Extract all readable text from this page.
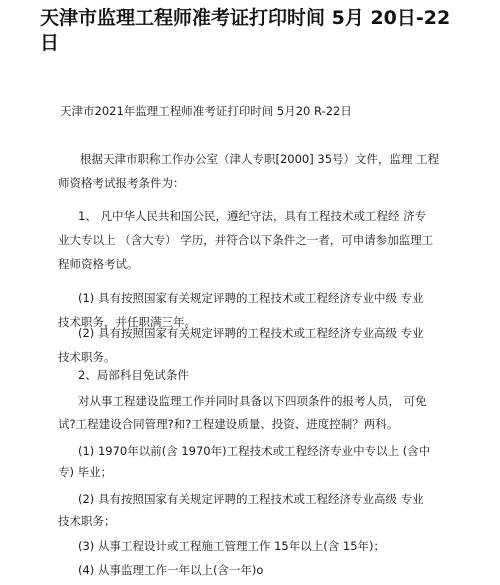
天津市监理工程师准考证打印时间 5月 20日-22日

天津市2021年监理工程师准考证打印时间 5月20 R-22日

根据天津市职称工作办公室（津人专职[2000] 35号）文件，监理 工程

师资格考试报考条件为：

1、 凡中华人民共和国公民，遵纪守法，具有工程技术或工程经 济专

业大专以上 （含大专） 学历，并符合以下条件之一者，可申请参加监理工

程师资格考试。

(1) 具有按照国家有关规定评聘的工程技术或工程经济专业中级 专业

技术职务，并任职满三年。

(2) 具有按照国家有关规定评聘的工程技术或工程经济专业高级 专业

技术职务。

2、局部科目免试条件

对从事工程建设监理工作并同时具备以下四项条件的报考人员， 可免

试?工程建设合同管理?和?工程建设质量、投资、进度控制？两科。

(1) 1970年以前(含 1970年)工程技术或工程经济专业中专以上 (含中

专) 毕业；

(2) 具有按照国家有关规定评聘的工程技术或工程经济专业高级 专业

技术职务；

(3) 从事工程设计或工程施工管理工作 15年以上(含 15年)；

(4) 从事监理工作一年以上(含一年)o
